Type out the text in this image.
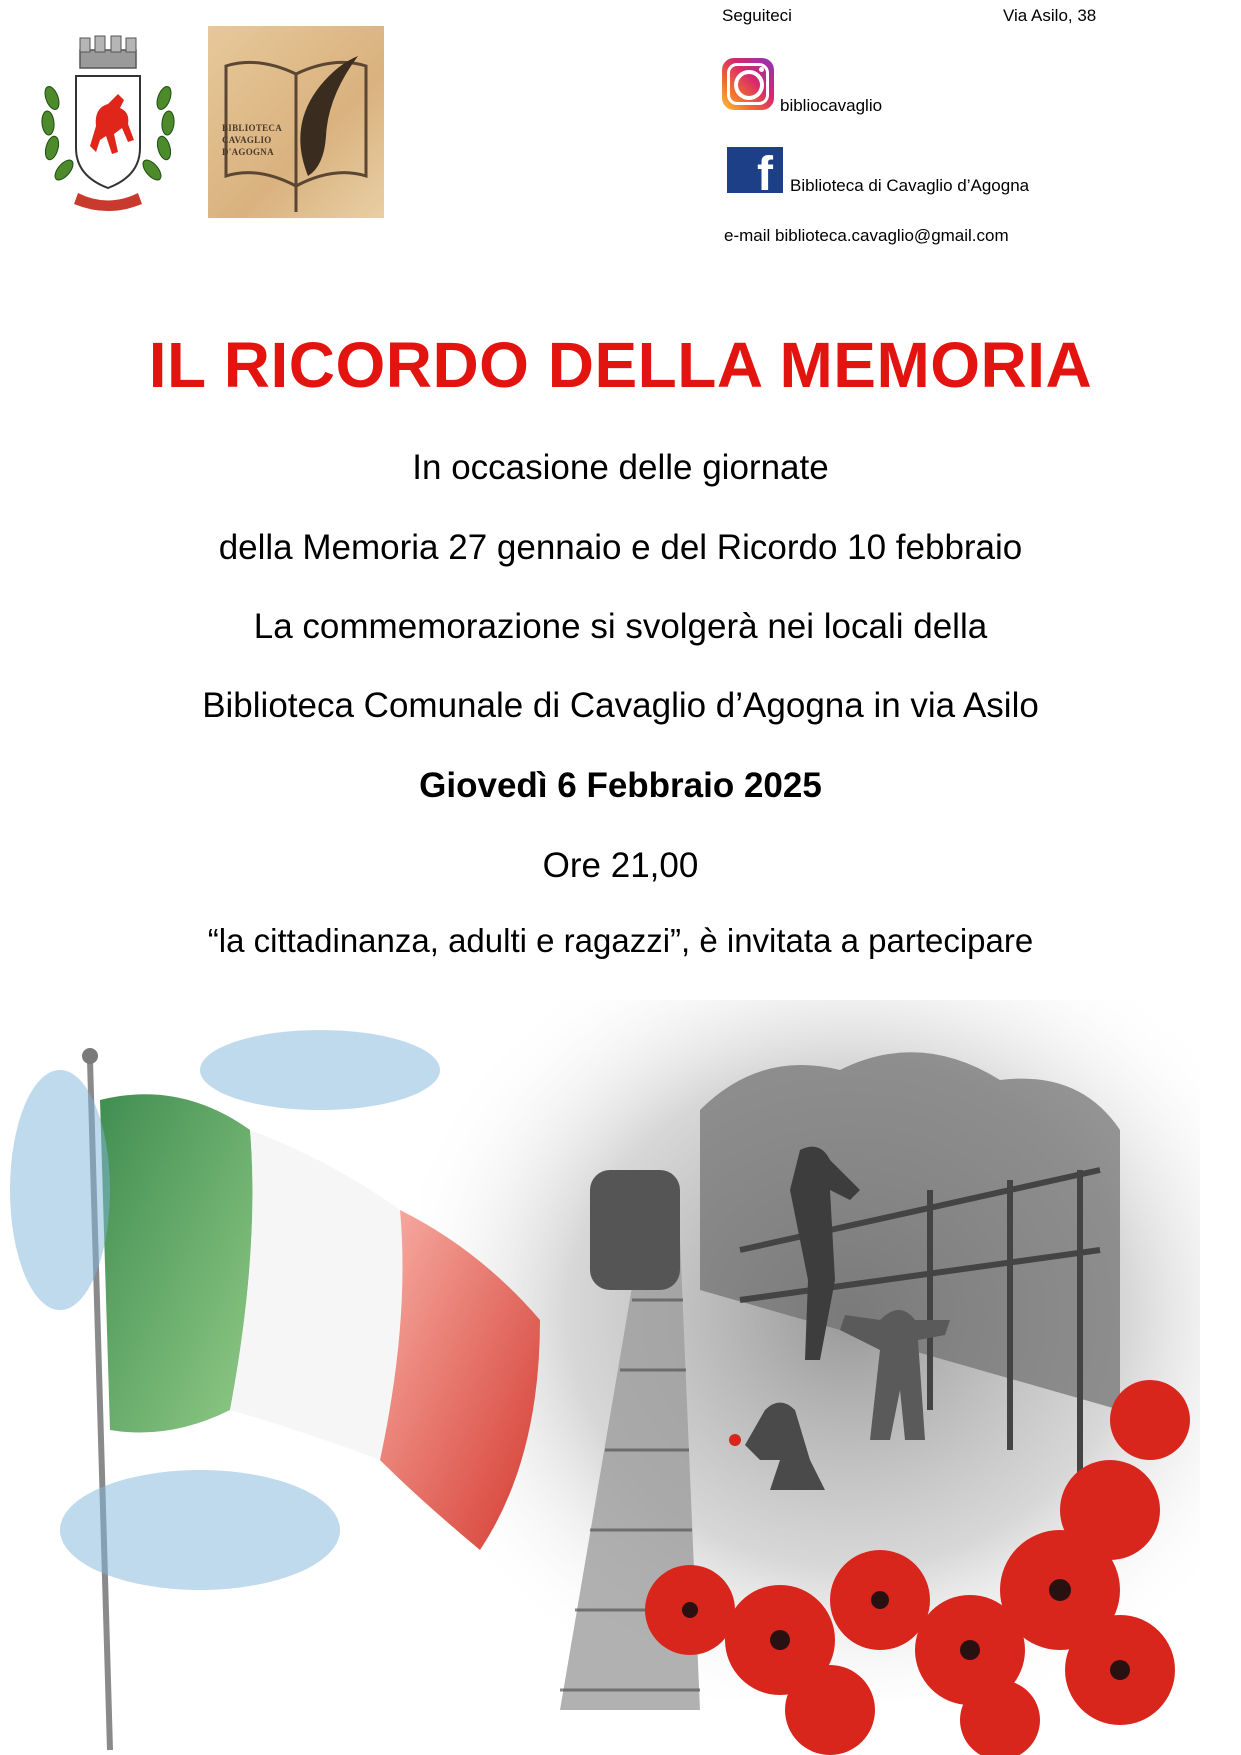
BIBLIOTECA
CAVAGLIO
D'AGOGNA
Seguiteci	Via Asilo, 38
bibliocavaglio
f Biblioteca di Cavaglio d’Agogna
e-mail biblioteca.cavaglio@gmail.com
IL RICORDO DELLA MEMORIA
In occasione delle giornate
della Memoria 27 gennaio e del Ricordo 10 febbraio
La commemorazione si svolgerà nei locali della
Biblioteca Comunale di Cavaglio d’Agogna in via Asilo
Giovedì 6 Febbraio 2025
Ore 21,00
“la cittadinanza, adulti e ragazzi”, è invitata a partecipare
